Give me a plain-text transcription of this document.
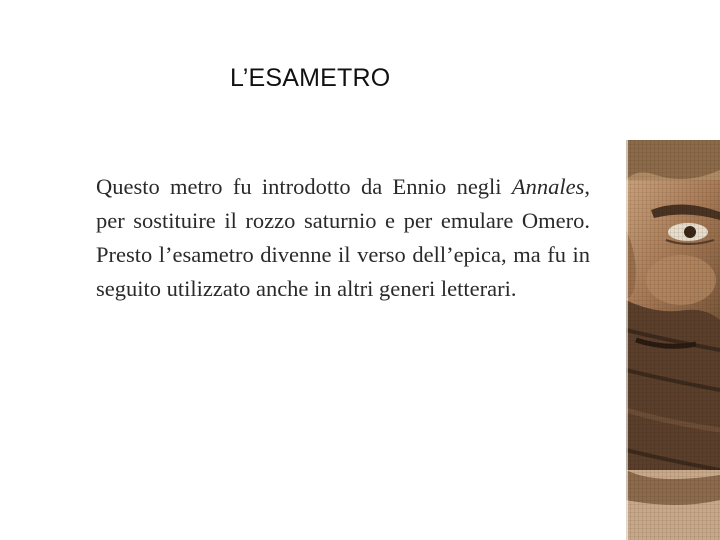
L’ESAMETRO
Questo metro fu introdotto da Ennio negli Annales, per sostituire il rozzo saturnio e per emulare Omero. Presto l’esametro divenne il verso dell’epica, ma fu in seguito utilizzato anche in altri generi letterari.
